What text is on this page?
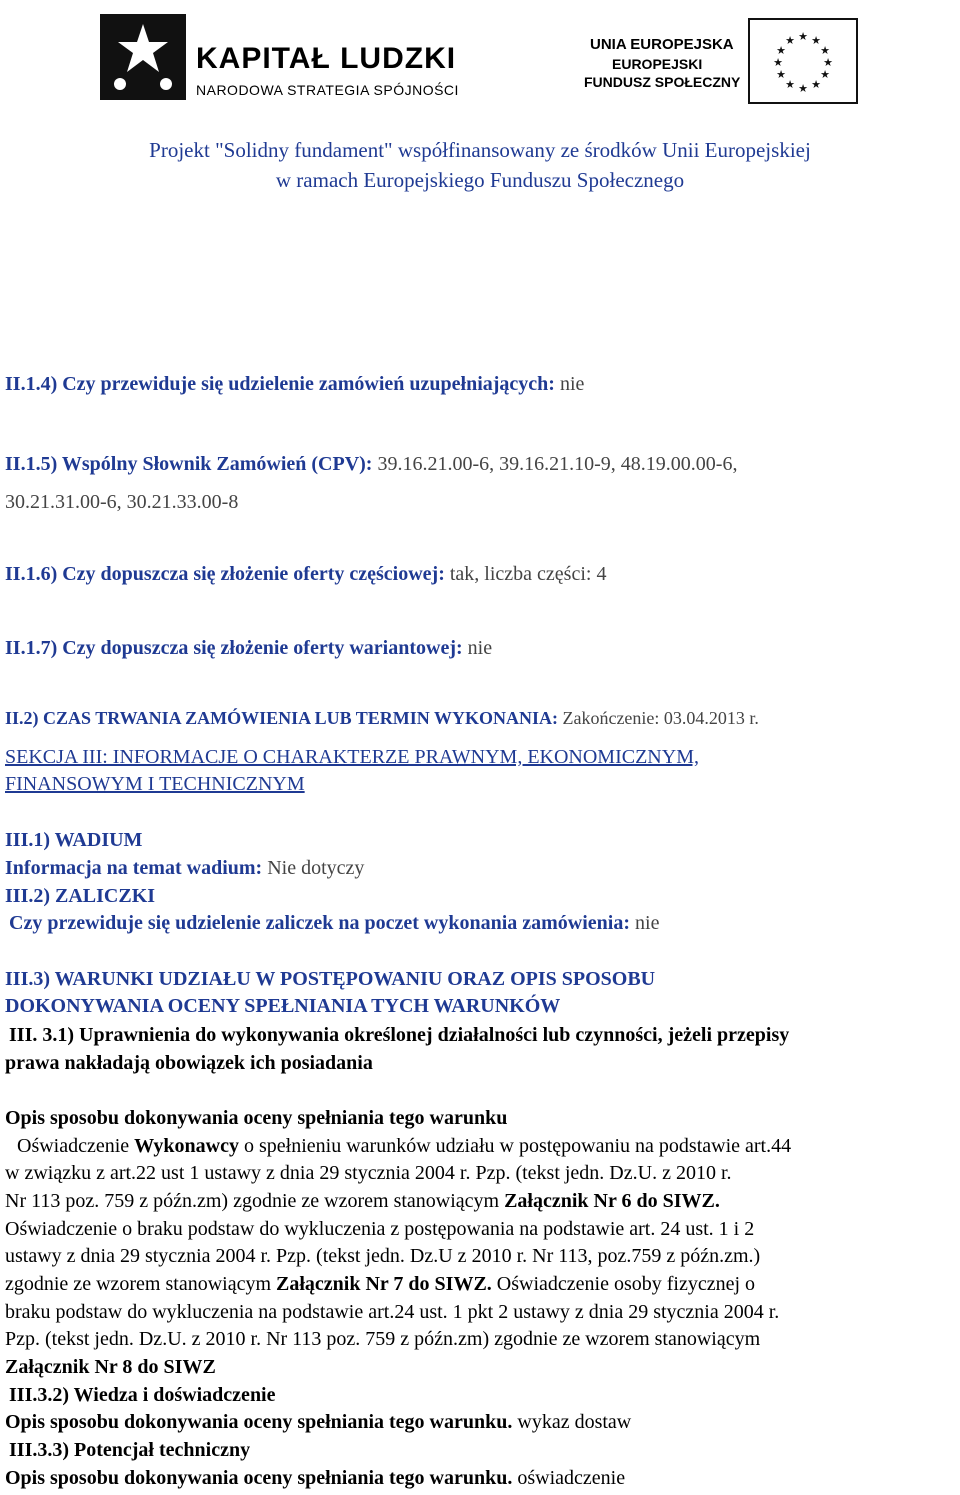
KAPITAŁ LUDZKI
NARODOWA STRATEGIA SPÓJNOŚCI
UNIA EUROPEJSKA
EUROPEJSKI
FUNDUSZ SPOŁECZNY
★ ★
★
★
★
★
★
★
★
★
★
★
Projekt "Solidny fundament" współfinansowany ze środków Unii Europejskiej
w ramach Europejskiego Funduszu Społecznego
II.1.4) Czy przewiduje się udzielenie zamówień uzupełniających: nie
II.1.5) Wspólny Słownik Zamówień (CPV): 39.16.21.00-6, 39.16.21.10-9, 48.19.00.00-6,
30.21.31.00-6, 30.21.33.00-8
II.1.6) Czy dopuszcza się złożenie oferty częściowej: tak, liczba części: 4
II.1.7) Czy dopuszcza się złożenie oferty wariantowej: nie
II.2) CZAS TRWANIA ZAMÓWIENIA LUB TERMIN WYKONANIA: Zakończenie: 03.04.2013 r.
SEKCJA III: INFORMACJE O CHARAKTERZE PRAWNYM, EKONOMICZNYM,
FINANSOWYM I TECHNICZNYM
III.1) WADIUM
Informacja na temat wadium: Nie dotyczy
III.2) ZALICZKI
Czy przewiduje się udzielenie zaliczek na poczet wykonania zamówienia: nie
III.3) WARUNKI UDZIAŁU W POSTĘPOWANIU ORAZ OPIS SPOSOBU
DOKONYWANIA OCENY SPEŁNIANIA TYCH WARUNKÓW
III. 3.1) Uprawnienia do wykonywania określonej działalności lub czynności, jeżeli przepisy
prawa nakładają obowiązek ich posiadania
Opis sposobu dokonywania oceny spełniania tego warunku
Oświadczenie Wykonawcy o spełnieniu warunków udziału w postępowaniu na podstawie art.44
w związku z art.22 ust 1 ustawy z dnia 29 stycznia 2004 r. Pzp. (tekst jedn. Dz.U. z 2010 r.
Nr 113 poz. 759 z późn.zm) zgodnie ze wzorem stanowiącym Załącznik Nr 6 do SIWZ.
Oświadczenie o braku podstaw do wykluczenia z postępowania na podstawie art. 24 ust. 1 i 2
ustawy z dnia 29 stycznia 2004 r. Pzp. (tekst jedn. Dz.U z 2010 r. Nr 113, poz.759 z późn.zm.)
zgodnie ze wzorem stanowiącym Załącznik Nr 7 do SIWZ. Oświadczenie osoby fizycznej o
braku podstaw do wykluczenia na podstawie art.24 ust. 1 pkt 2 ustawy z dnia 29 stycznia 2004 r.
Pzp. (tekst jedn. Dz.U. z 2010 r. Nr 113 poz. 759 z późn.zm) zgodnie ze wzorem stanowiącym
Załącznik Nr 8 do SIWZ
III.3.2) Wiedza i doświadczenie
Opis sposobu dokonywania oceny spełniania tego warunku. wykaz dostaw
III.3.3) Potencjał techniczny
Opis sposobu dokonywania oceny spełniania tego warunku. oświadczenie
